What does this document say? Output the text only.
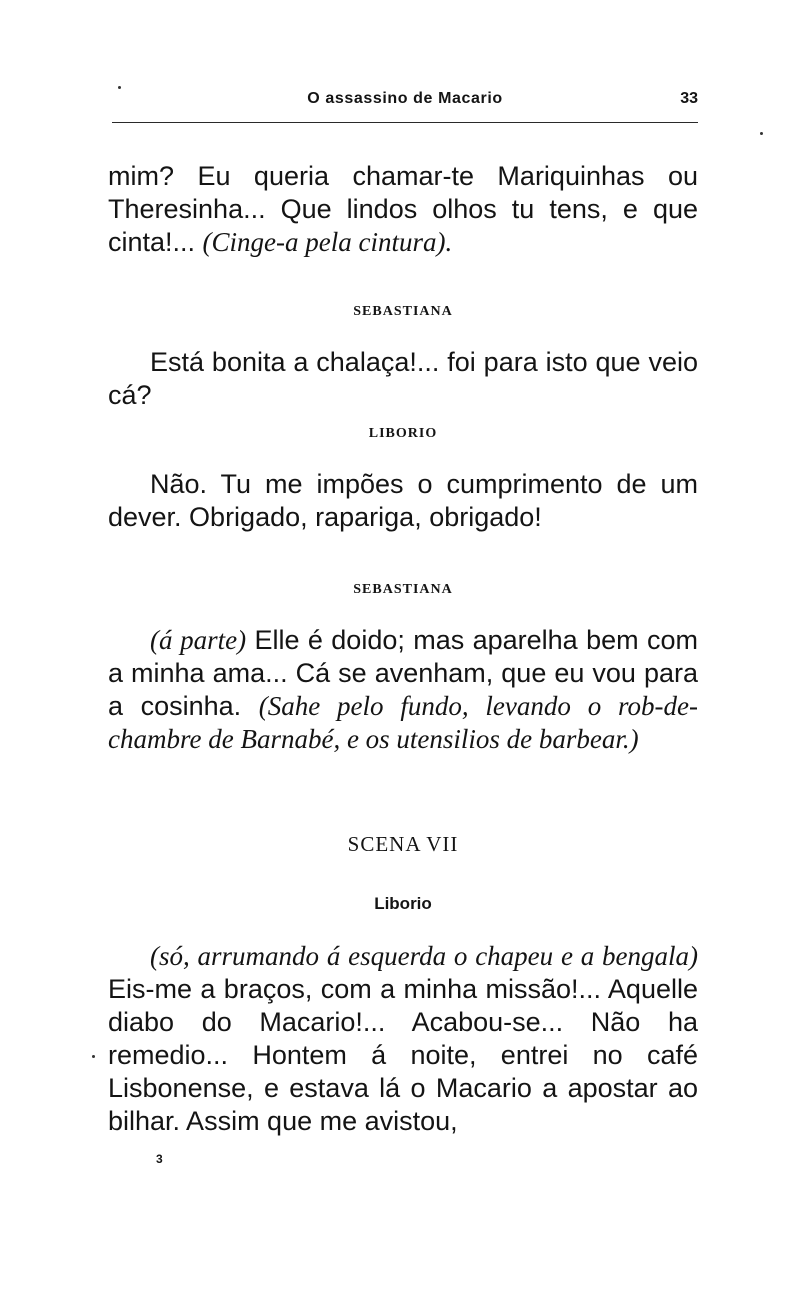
O assassino de Macario	33

mim? Eu queria chamar-te Mariquinhas ou Theresinha... Que lindos olhos tu tens, e que cinta!... (Cinge-a pela cintura).

SEBASTIANA

Está bonita a chalaça!... foi para isto que veio cá?

LIBORIO

Não. Tu me impões o cumprimento de um dever. Obrigado, rapariga, obrigado!

SEBASTIANA

(á parte) Elle é doido; mas aparelha bem com a minha ama... Cá se avenham, que eu vou para a cosinha. (Sahe pelo fundo, levando o rob-de-chambre de Barnabé, e os utensilios de barbear.)

SCENA VII
Liborio

(só, arrumando á esquerda o chapeu e a bengala) Eis-me a braços, com a minha missão!... Aquelle diabo do Macario!... Acabou-se... Não ha remedio... Hontem á noite, entrei no café Lisbonense, e estava lá o Macario a apostar ao bilhar. Assim que me avistou,

3
